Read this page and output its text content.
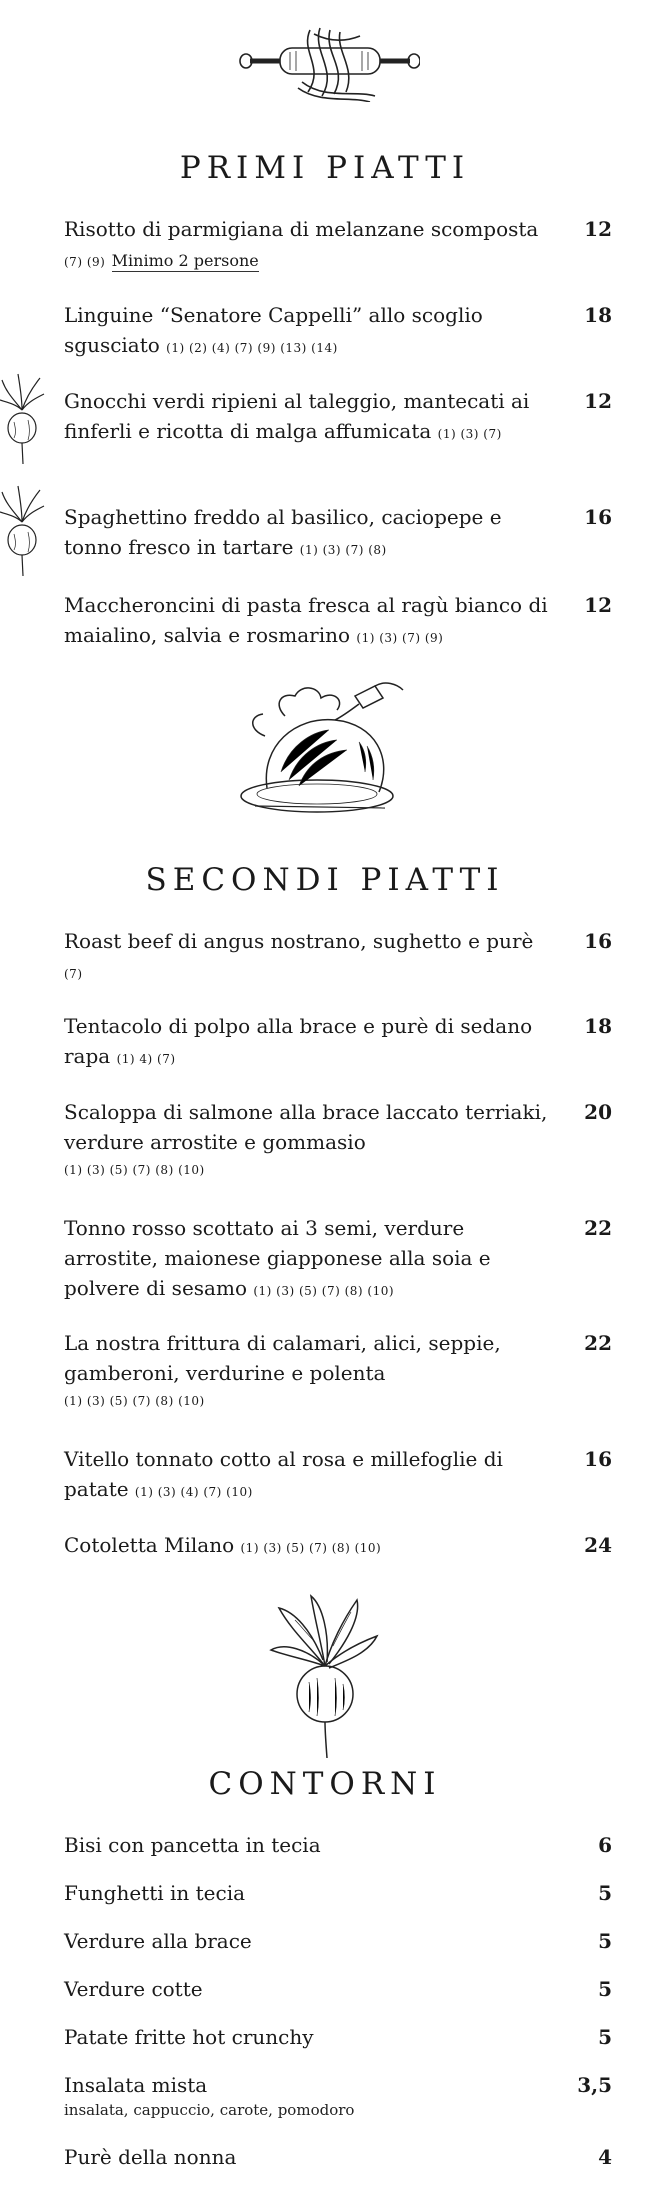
PRIMI PIATTI
Risotto di parmigiana di melanzane scomposta (7) (9) Minimo 2 persone
12
Linguine “Senatore Cappelli” allo scoglio sgusciato (1) (2) (4) (7) (9) (13) (14)
18
Gnocchi verdi ripieni al taleggio, mantecati ai finferli e ricotta di malga affumicata (1) (3) (7)
12
Spaghettino freddo al basilico, caciopepe e tonno fresco in tartare (1) (3) (7) (8)
16
Maccheroncini di pasta fresca al ragù bianco di maialino, salvia e rosmarino (1) (3) (7) (9)
12
SECONDI PIATTI
Roast beef di angus nostrano, sughetto e purè (7)
16
Tentacolo di polpo alla brace e purè di sedano rapa (1) 4) (7)
18
Scaloppa di salmone alla brace laccato terriaki, verdure arrostite e gommasio
(1) (3) (5) (7) (8) (10)
20
Tonno rosso scottato ai 3 semi, verdure arrostite, maionese giapponese alla soia e polvere di sesamo (1) (3) (5) (7) (8) (10)
22
La nostra frittura di calamari, alici, seppie, gamberoni, verdurine e polenta
(1) (3) (5) (7) (8) (10)
22
Vitello tonnato cotto al rosa e millefoglie di patate (1) (3) (4) (7) (10)
16
Cotoletta Milano (1) (3) (5) (7) (8) (10)	24
CONTORNI
Bisi con pancetta in tecia	6
Funghetti in tecia	5
Verdure alla brace	5
Verdure cotte	5
Patate fritte hot crunchy	5
Insalata mista
insalata, cappuccio, carote, pomodoro
3,5
Purè della nonna	4
